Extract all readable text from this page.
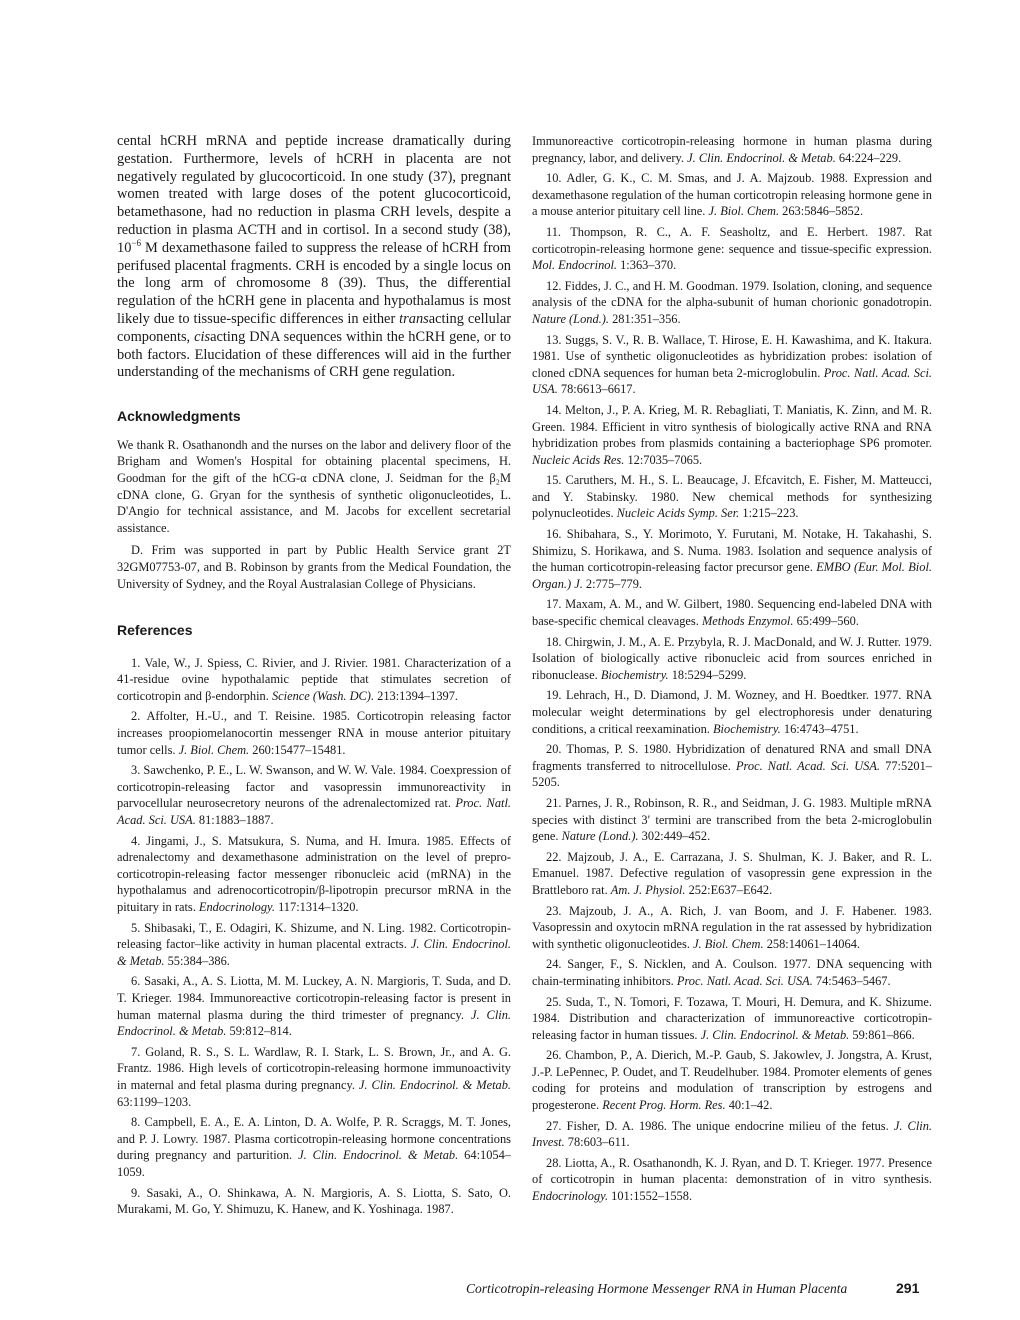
cental hCRH mRNA and peptide increase dramatically during gestation. Furthermore, levels of hCRH in placenta are not negatively regulated by glucocorticoid. In one study (37), pregnant women treated with large doses of the potent glucocorticoid, betamethasone, had no reduction in plasma CRH levels, despite a reduction in plasma ACTH and in cortisol. In a second study (38), $10^{-6}$ M dexamethasone failed to suppress the release of hCRH from perifused placental fragments. CRH is encoded by a single locus on the long arm of chromosome 8 (39). Thus, the differential regulation of the hCRH gene in placenta and hypothalamus is most likely due to tissue-specific differences in either transacting cellular components, cisacting DNA sequences within the hCRH gene, or to both factors. Elucidation of these differences will aid in the further understanding of the mechanisms of CRH gene regulation.

Acknowledgments

We thank R. Osathanondh and the nurses on the labor and delivery floor of the Brigham and Women's Hospital for obtaining placental specimens, H. Goodman for the gift of the hCG-α cDNA clone, J. Seidman for the β₂M cDNA clone, G. Gryan for the synthesis of synthetic oligonucleotides, L. D'Angio for technical assistance, and M. Jacobs for excellent secretarial assistance.

D. Frim was supported in part by Public Health Service grant 2T 32GM07753-07, and B. Robinson by grants from the Medical Foundation, the University of Sydney, and the Royal Australasian College of Physicians.

References

1. Vale, W., J. Spiess, C. Rivier, and J. Rivier. 1981. Characterization of a 41-residue ovine hypothalamic peptide that stimulates secretion of corticotropin and β-endorphin. Science (Wash. DC). 213:1394–1397.

2. Affolter, H.-U., and T. Reisine. 1985. Corticotropin releasing factor increases proopiomelanocortin messenger RNA in mouse anterior pituitary tumor cells. J. Biol. Chem. 260:15477–15481.

3. Sawchenko, P. E., L. W. Swanson, and W. W. Vale. 1984. Coexpression of corticotropin-releasing factor and vasopressin immunoreactivity in parvocellular neurosecretory neurons of the adrenalectomized rat. Proc. Natl. Acad. Sci. USA. 81:1883–1887.

4. Jingami, J., S. Matsukura, S. Numa, and H. Imura. 1985. Effects of adrenalectomy and dexamethasone administration on the level of prepro-corticotropin-releasing factor messenger ribonucleic acid (mRNA) in the hypothalamus and adrenocorticotropin/β-lipotropin precursor mRNA in the pituitary in rats. Endocrinology. 117:1314–1320.

5. Shibasaki, T., E. Odagiri, K. Shizume, and N. Ling. 1982. Corticotropin-releasing factor–like activity in human placental extracts. J. Clin. Endocrinol. & Metab. 55:384–386.

6. Sasaki, A., A. S. Liotta, M. M. Luckey, A. N. Margioris, T. Suda, and D. T. Krieger. 1984. Immunoreactive corticotropin-releasing factor is present in human maternal plasma during the third trimester of pregnancy. J. Clin. Endocrinol. & Metab. 59:812–814.

7. Goland, R. S., S. L. Wardlaw, R. I. Stark, L. S. Brown, Jr., and A. G. Frantz. 1986. High levels of corticotropin-releasing hormone immunoactivity in maternal and fetal plasma during pregnancy. J. Clin. Endocrinol. & Metab. 63:1199–1203.

8. Campbell, E. A., E. A. Linton, D. A. Wolfe, P. R. Scraggs, M. T. Jones, and P. J. Lowry. 1987. Plasma corticotropin-releasing hormone concentrations during pregnancy and parturition. J. Clin. Endocrinol. & Metab. 64:1054–1059.

9. Sasaki, A., O. Shinkawa, A. N. Margioris, A. S. Liotta, S. Sato, O. Murakami, M. Go, Y. Shimuzu, K. Hanew, and K. Yoshinaga. 1987.

Immunoreactive corticotropin-releasing hormone in human plasma during pregnancy, labor, and delivery. J. Clin. Endocrinol. & Metab. 64:224–229.

10. Adler, G. K., C. M. Smas, and J. A. Majzoub. 1988. Expression and dexamethasone regulation of the human corticotropin releasing hormone gene in a mouse anterior pituitary cell line. J. Biol. Chem. 263:5846–5852.

11. Thompson, R. C., A. F. Seasholtz, and E. Herbert. 1987. Rat corticotropin-releasing hormone gene: sequence and tissue-specific expression. Mol. Endocrinol. 1:363–370.

12. Fiddes, J. C., and H. M. Goodman. 1979. Isolation, cloning, and sequence analysis of the cDNA for the alpha-subunit of human chorionic gonadotropin. Nature (Lond.). 281:351–356.

13. Suggs, S. V., R. B. Wallace, T. Hirose, E. H. Kawashima, and K. Itakura. 1981. Use of synthetic oligonucleotides as hybridization probes: isolation of cloned cDNA sequences for human beta 2-microglobulin. Proc. Natl. Acad. Sci. USA. 78:6613–6617.

14. Melton, J., P. A. Krieg, M. R. Rebagliati, T. Maniatis, K. Zinn, and M. R. Green. 1984. Efficient in vitro synthesis of biologically active RNA and RNA hybridization probes from plasmids containing a bacteriophage SP6 promoter. Nucleic Acids Res. 12:7035–7065.

15. Caruthers, M. H., S. L. Beaucage, J. Efcavitch, E. Fisher, M. Matteucci, and Y. Stabinsky. 1980. New chemical methods for synthesizing polynucleotides. Nucleic Acids Symp. Ser. 1:215–223.

16. Shibahara, S., Y. Morimoto, Y. Furutani, M. Notake, H. Takahashi, S. Shimizu, S. Horikawa, and S. Numa. 1983. Isolation and sequence analysis of the human corticotropin-releasing factor precursor gene. EMBO (Eur. Mol. Biol. Organ.) J. 2:775–779.

17. Maxam, A. M., and W. Gilbert, 1980. Sequencing end-labeled DNA with base-specific chemical cleavages. Methods Enzymol. 65:499–560.

18. Chirgwin, J. M., A. E. Przybyla, R. J. MacDonald, and W. J. Rutter. 1979. Isolation of biologically active ribonucleic acid from sources enriched in ribonuclease. Biochemistry. 18:5294–5299.

19. Lehrach, H., D. Diamond, J. M. Wozney, and H. Boedtker. 1977. RNA molecular weight determinations by gel electrophoresis under denaturing conditions, a critical reexamination. Biochemistry. 16:4743–4751.

20. Thomas, P. S. 1980. Hybridization of denatured RNA and small DNA fragments transferred to nitrocellulose. Proc. Natl. Acad. Sci. USA. 77:5201–5205.

21. Parnes, J. R., Robinson, R. R., and Seidman, J. G. 1983. Multiple mRNA species with distinct 3′ termini are transcribed from the beta 2-microglobulin gene. Nature (Lond.). 302:449–452.

22. Majzoub, J. A., E. Carrazana, J. S. Shulman, K. J. Baker, and R. L. Emanuel. 1987. Defective regulation of vasopressin gene expression in the Brattleboro rat. Am. J. Physiol. 252:E637–E642.

23. Majzoub, J. A., A. Rich, J. van Boom, and J. F. Habener. 1983. Vasopressin and oxytocin mRNA regulation in the rat assessed by hybridization with synthetic oligonucleotides. J. Biol. Chem. 258:14061–14064.

24. Sanger, F., S. Nicklen, and A. Coulson. 1977. DNA sequencing with chain-terminating inhibitors. Proc. Natl. Acad. Sci. USA. 74:5463–5467.

25. Suda, T., N. Tomori, F. Tozawa, T. Mouri, H. Demura, and K. Shizume. 1984. Distribution and characterization of immunoreactive corticotropin-releasing factor in human tissues. J. Clin. Endocrinol. & Metab. 59:861–866.

26. Chambon, P., A. Dierich, M.-P. Gaub, S. Jakowlev, J. Jongstra, A. Krust, J.-P. LePennec, P. Oudet, and T. Reudelhuber. 1984. Promoter elements of genes coding for proteins and modulation of transcription by estrogens and progesterone. Recent Prog. Horm. Res. 40:1–42.

27. Fisher, D. A. 1986. The unique endocrine milieu of the fetus. J. Clin. Invest. 78:603–611.

28. Liotta, A., R. Osathanondh, K. J. Ryan, and D. T. Krieger. 1977. Presence of corticotropin in human placenta: demonstration of in vitro synthesis. Endocrinology. 101:1552–1558.

Corticotropin-releasing Hormone Messenger RNA in Human Placenta	291
